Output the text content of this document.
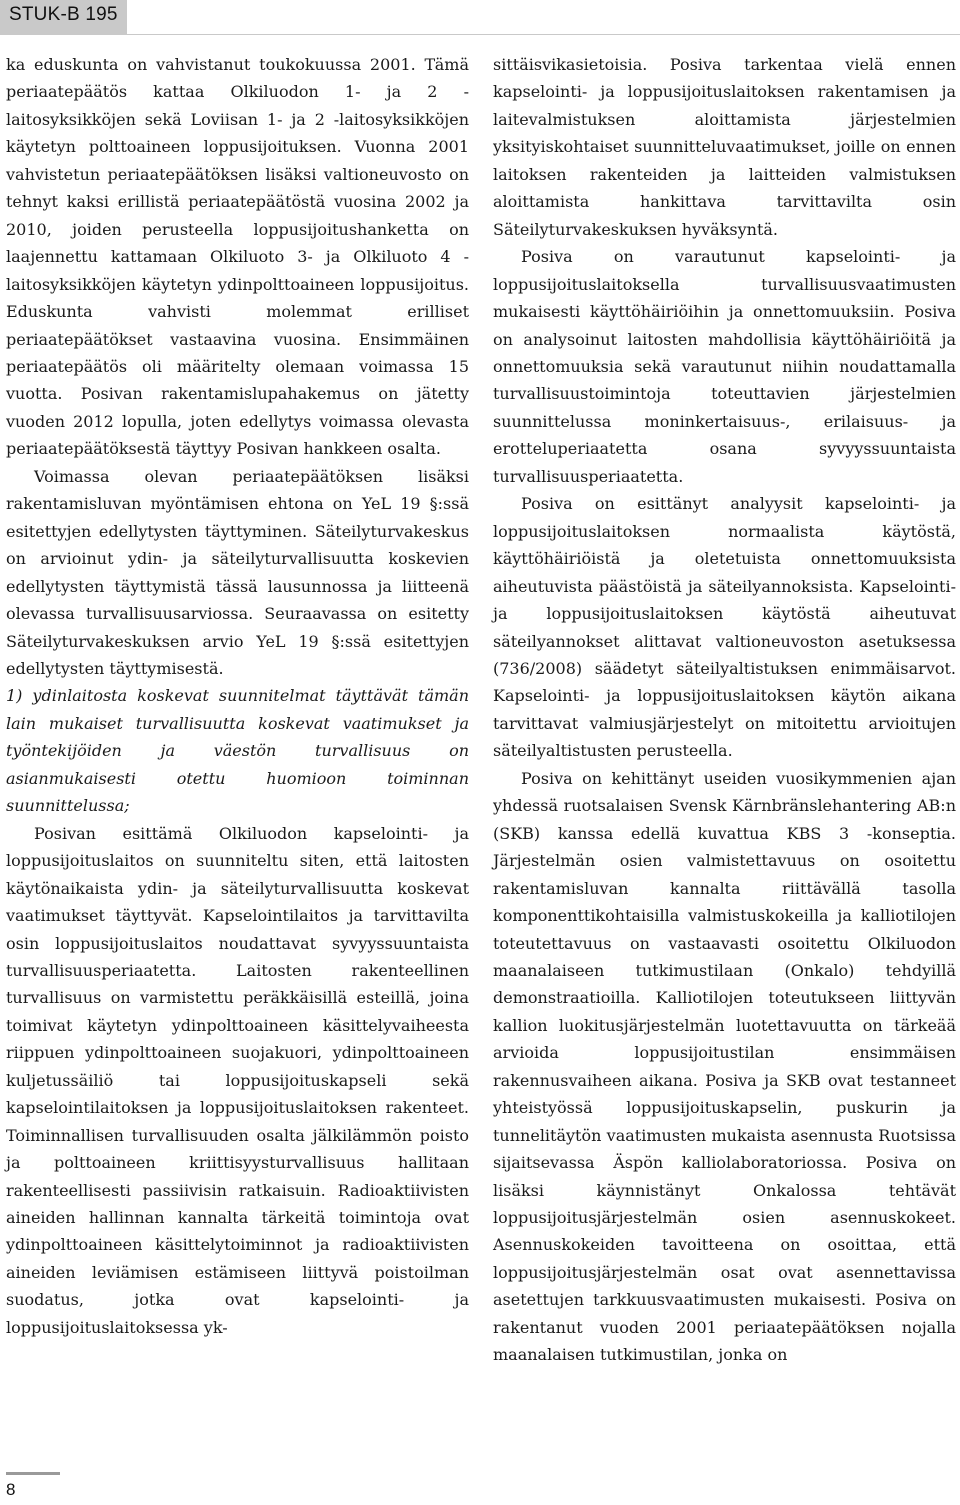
STUK-B 195

ka eduskunta on vahvistanut toukokuussa 2001. Tämä periaatepäätös kattaa Olkiluodon 1- ja 2 -laitosyksikköjen sekä Loviisan 1- ja 2 -laitosyksikköjen käytetyn polttoaineen loppusijoituksen. Vuonna 2001 vahvistetun periaatepäätöksen lisäksi valtioneuvosto on tehnyt kaksi erillistä periaatepäätöstä vuosina 2002 ja 2010, joiden perusteella loppusijoitushanketta on laajennettu kattamaan Olkiluoto 3- ja Olkiluoto 4 -laitosyksikköjen käytetyn ydinpolttoaineen loppusijoitus. Eduskunta vahvisti molemmat erilliset periaatepäätökset vastaavina vuosina. Ensimmäinen periaatepäätös oli määritelty olemaan voimassa 15 vuotta. Posivan rakentamislupahakemus on jätetty vuoden 2012 lopulla, joten edellytys voimassa olevasta periaatepäätöksestä täyttyy Posivan hankkeen osalta.

Voimassa olevan periaatepäätöksen lisäksi rakentamisluvan myöntämisen ehtona on YeL 19 §:ssä esitettyjen edellytysten täyttyminen. Säteilyturvakeskus on arvioinut ydin- ja säteilyturvallisuutta koskevien edellytysten täyttymistä tässä lausunnossa ja liitteenä olevassa turvallisuusarviossa. Seuraavassa on esitetty Säteilyturvakeskuksen arvio YeL 19 §:ssä esitettyjen edellytysten täyttymisestä.

1) ydinlaitosta koskevat suunnitelmat täyttävät tämän lain mukaiset turvallisuutta koskevat vaatimukset ja työntekijöiden ja väestön turvallisuus on asianmukaisesti otettu huomioon toiminnan suunnittelussa;

Posivan esittämä Olkiluodon kapselointi- ja loppusijoituslaitos on suunniteltu siten, että laitosten käytönaikaista ydin- ja säteilyturvallisuutta koskevat vaatimukset täyttyvät. Kapselointilaitos ja tarvittavilta osin loppusijoituslaitos noudattavat syvyyssuuntaista turvallisuusperiaatetta. Laitosten rakenteellinen turvallisuus on varmistettu peräkkäisillä esteillä, joina toimivat käytetyn ydinpolttoaineen käsittelyvaiheesta riippuen ydinpolttoaineen suojakuori, ydinpolttoaineen kuljetussäiliö tai loppusijoituskapseli sekä kapselointilaitoksen ja loppusijoituslaitoksen rakenteet. Toiminnallisen turvallisuuden osalta jälkilämmön poisto ja polttoaineen kriittisyysturvallisuus hallitaan rakenteellisesti passiivisin ratkaisuin. Radioaktiivisten aineiden hallinnan kannalta tärkeitä toimintoja ovat ydinpolttoaineen käsittelytoiminnot ja radioaktiivisten aineiden leviämisen estämiseen liittyvä poistoilman suodatus, jotka ovat kapselointi- ja loppusijoituslaitoksessa yk-

sittäisvikasietoisia. Posiva tarkentaa vielä ennen kapselointi- ja loppusijoituslaitoksen rakentamisen ja laitevalmistuksen aloittamista järjestelmien yksityiskohtaiset suunnitteluvaatimukset, joille on ennen laitoksen rakenteiden ja laitteiden valmistuksen aloittamista hankittava tarvittavilta osin Säteilyturvakeskuksen hyväksyntä.

Posiva on varautunut kapselointi- ja loppusijoituslaitoksella turvallisuusvaatimusten mukaisesti käyttöhäiriöihin ja onnettomuuksiin. Posiva on analysoinut laitosten mahdollisia käyttöhäiriöitä ja onnettomuuksia sekä varautunut niihin noudattamalla turvallisuustoimintoja toteuttavien järjestelmien suunnittelussa moninkertaisuus-, erilaisuus- ja erotteluperiaatetta osana syvyyssuuntaista turvallisuusperiaatetta.

Posiva on esittänyt analyysit kapselointi- ja loppusijoituslaitoksen normaalista käytöstä, käyttöhäiriöistä ja oletetuista onnettomuuksista aiheutuvista päästöistä ja säteilyannoksista. Kapselointi- ja loppusijoituslaitoksen käytöstä aiheutuvat säteilyannokset alittavat valtioneuvoston asetuksessa (736/2008) säädetyt säteilyaltistuksen enimmäisarvot. Kapselointi- ja loppusijoituslaitoksen käytön aikana tarvittavat valmiusjärjestelyt on mitoitettu arvioitujen säteilyaltistusten perusteella.

Posiva on kehittänyt useiden vuosikymmenien ajan yhdessä ruotsalaisen Svensk Kärnbränslehantering AB:n (SKB) kanssa edellä kuvattua KBS 3 -konseptia. Järjestelmän osien valmistettavuus on osoitettu rakentamisluvan kannalta riittävällä tasolla komponenttikohtaisilla valmistuskokeilla ja kalliotilojen toteutettavuus on vastaavasti osoitettu Olkiluodon maanalaiseen tutkimustilaan (Onkalo) tehdyillä demonstraatioilla. Kalliotilojen toteutukseen liittyvän kallion luokitusjärjestelmän luotettavuutta on tärkeää arvioida loppusijoitustilan ensimmäisen rakennusvaiheen aikana. Posiva ja SKB ovat testanneet yhteistyössä loppusijoituskapselin, puskurin ja tunnelitäytön vaatimusten mukaista asennusta Ruotsissa sijaitsevassa Äspön kalliolaboratoriossa. Posiva on lisäksi käynnistänyt Onkalossa tehtävät loppusijoitusjärjestelmän osien asennuskokeet. Asennuskokeiden tavoitteena on osoittaa, että loppusijoitusjärjestelmän osat ovat asennettavissa asetettujen tarkkuusvaatimusten mukaisesti. Posiva on rakentanut vuoden 2001 periaatepäätöksen nojalla maanalaisen tutkimustilan, jonka on

8
